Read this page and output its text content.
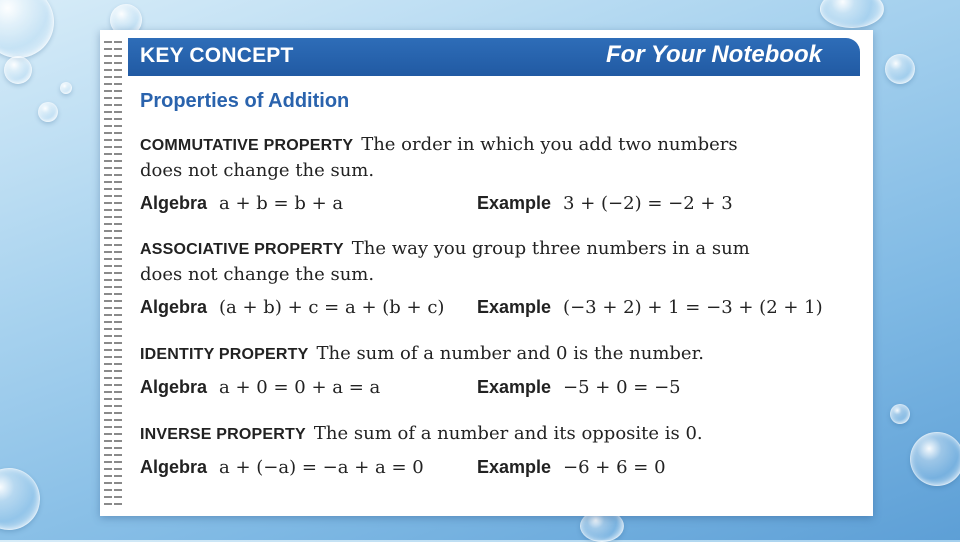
KEY CONCEPT	For Your Notebook
Properties of Addition
COMMUTATIVE PROPERTY The order in which you add two numbers
does not change the sum.
Algebra a + b = b + a	Example 3 + (−2) = −2 + 3
ASSOCIATIVE PROPERTY The way you group three numbers in a sum
does not change the sum.
Algebra (a + b) + c = a + (b + c) Example (−3 + 2) + 1 = −3 + (2 + 1)
IDENTITY PROPERTY The sum of a number and 0 is the number.
Algebra a + 0 = 0 + a = a	Example −5 + 0 = −5
INVERSE PROPERTY The sum of a number and its opposite is 0.
Algebra a + (−a) = −a + a = 0	Example −6 + 6 = 0
